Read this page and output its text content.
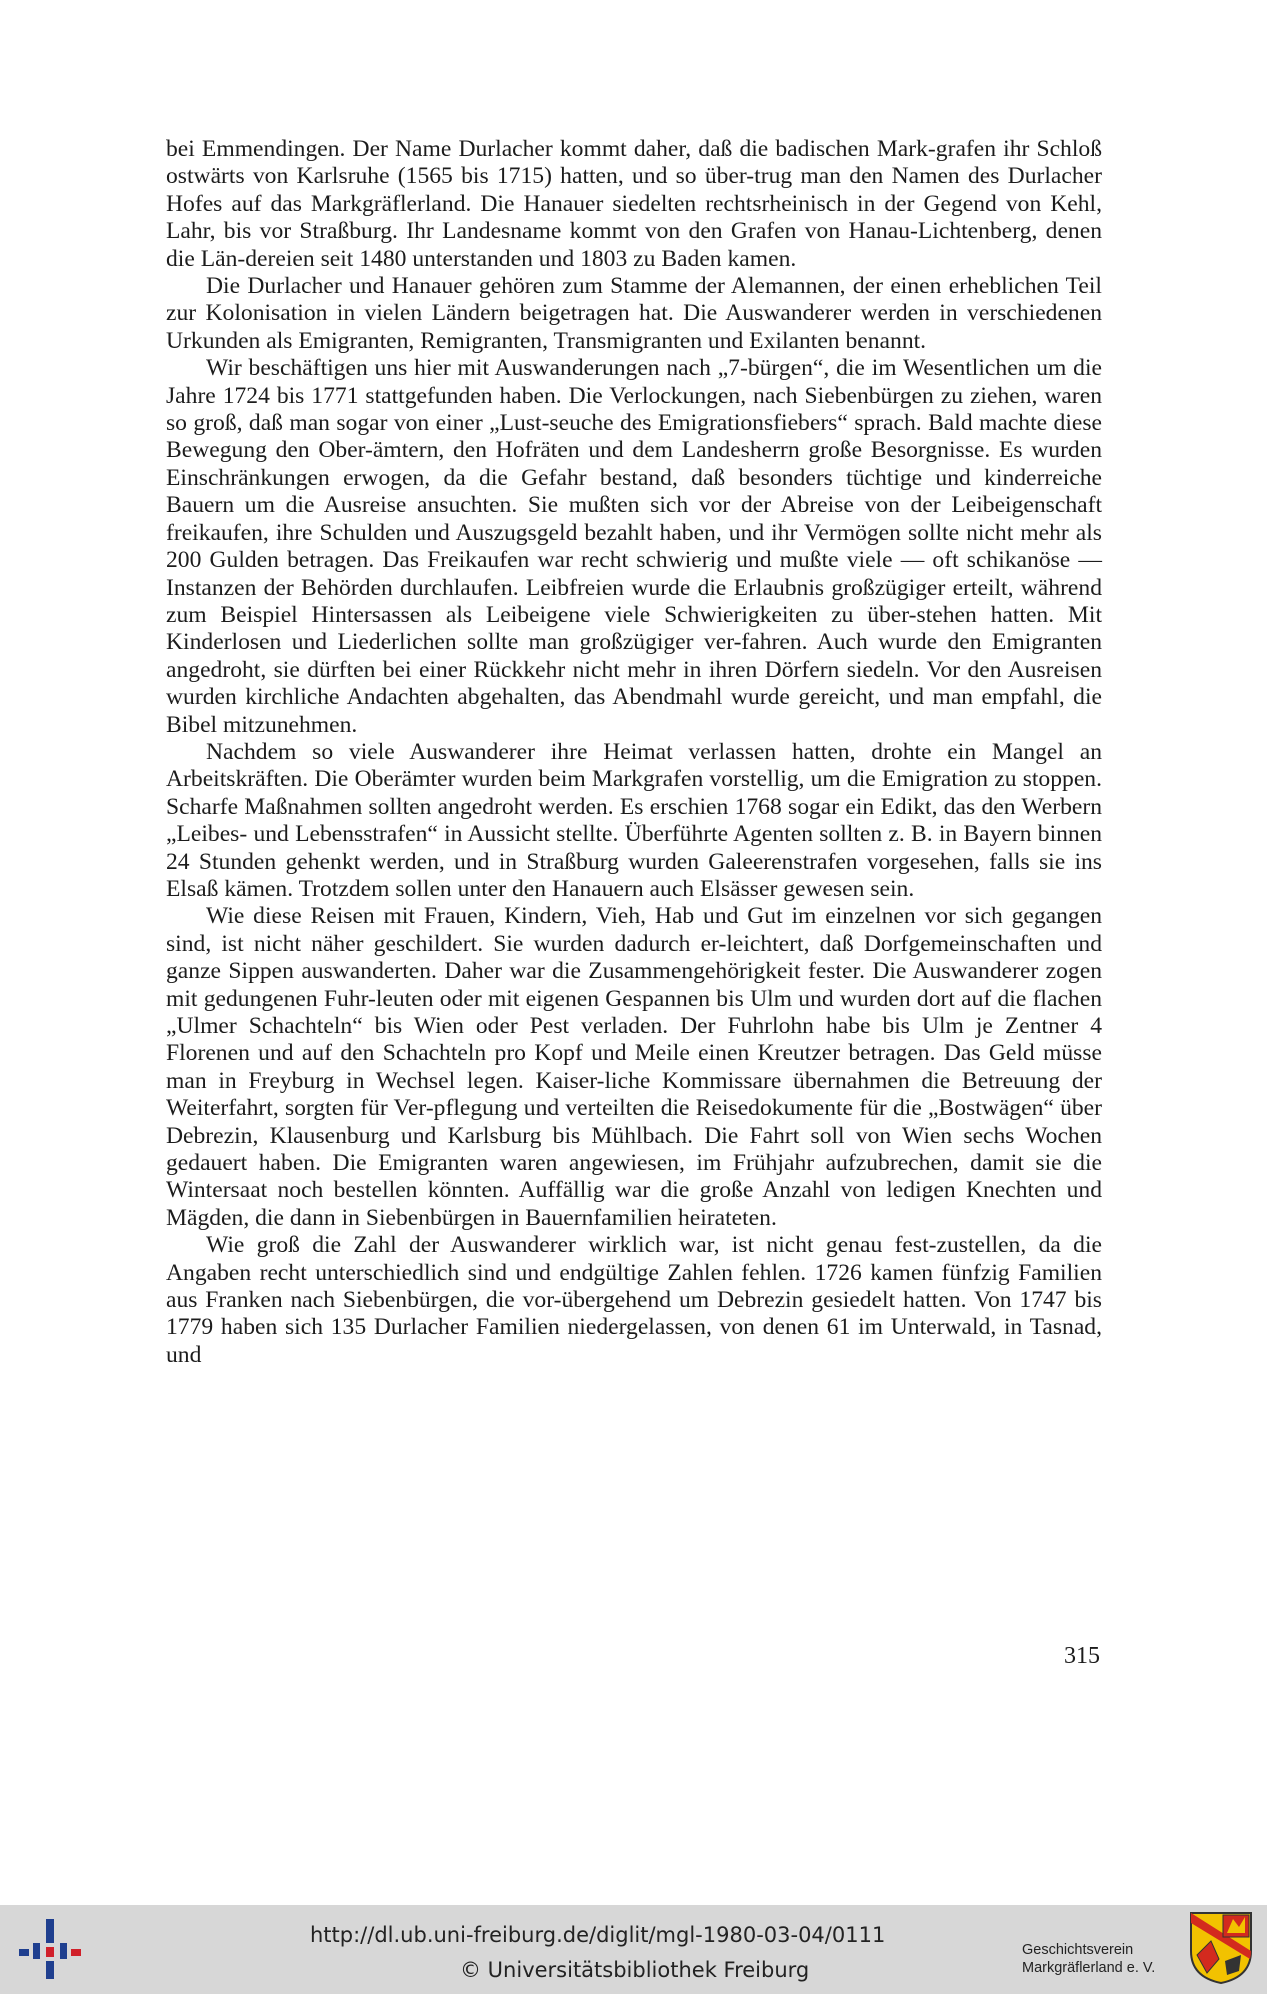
bei Emmendingen. Der Name Durlacher kommt daher, daß die badischen Mark-grafen ihr Schloß ostwärts von Karlsruhe (1565 bis 1715) hatten, und so über-trug man den Namen des Durlacher Hofes auf das Markgräflerland. Die Hanauer siedelten rechtsrheinisch in der Gegend von Kehl, Lahr, bis vor Straßburg. Ihr Landesname kommt von den Grafen von Hanau-Lichtenberg, denen die Län-dereien seit 1480 unterstanden und 1803 zu Baden kamen.

Die Durlacher und Hanauer gehören zum Stamme der Alemannen, der einen erheblichen Teil zur Kolonisation in vielen Ländern beigetragen hat. Die Auswanderer werden in verschiedenen Urkunden als Emigranten, Remigranten, Transmigranten und Exilanten benannt.

Wir beschäftigen uns hier mit Auswanderungen nach „7-bürgen“, die im Wesentlichen um die Jahre 1724 bis 1771 stattgefunden haben. Die Verlockungen, nach Siebenbürgen zu ziehen, waren so groß, daß man sogar von einer „Lust-seuche des Emigrationsfiebers“ sprach. Bald machte diese Bewegung den Ober-ämtern, den Hofräten und dem Landesherrn große Besorgnisse. Es wurden Einschränkungen erwogen, da die Gefahr bestand, daß besonders tüchtige und kinderreiche Bauern um die Ausreise ansuchten. Sie mußten sich vor der Abreise von der Leibeigenschaft freikaufen, ihre Schulden und Auszugsgeld bezahlt haben, und ihr Vermögen sollte nicht mehr als 200 Gulden betragen. Das Freikaufen war recht schwierig und mußte viele — oft schikanöse — Instanzen der Behörden durchlaufen. Leibfreien wurde die Erlaubnis großzügiger erteilt, während zum Beispiel Hintersassen als Leibeigene viele Schwierigkeiten zu über-stehen hatten. Mit Kinderlosen und Liederlichen sollte man großzügiger ver-fahren. Auch wurde den Emigranten angedroht, sie dürften bei einer Rückkehr nicht mehr in ihren Dörfern siedeln. Vor den Ausreisen wurden kirchliche Andachten abgehalten, das Abendmahl wurde gereicht, und man empfahl, die Bibel mitzunehmen.

Nachdem so viele Auswanderer ihre Heimat verlassen hatten, drohte ein Mangel an Arbeitskräften. Die Oberämter wurden beim Markgrafen vorstellig, um die Emigration zu stoppen. Scharfe Maßnahmen sollten angedroht werden. Es erschien 1768 sogar ein Edikt, das den Werbern „Leibes- und Lebensstrafen“ in Aussicht stellte. Überführte Agenten sollten z. B. in Bayern binnen 24 Stunden gehenkt werden, und in Straßburg wurden Galeerenstrafen vorgesehen, falls sie ins Elsaß kämen. Trotzdem sollen unter den Hanauern auch Elsässer gewesen sein.

Wie diese Reisen mit Frauen, Kindern, Vieh, Hab und Gut im einzelnen vor sich gegangen sind, ist nicht näher geschildert. Sie wurden dadurch er-leichtert, daß Dorfgemeinschaften und ganze Sippen auswanderten. Daher war die Zusammengehörigkeit fester. Die Auswanderer zogen mit gedungenen Fuhr-leuten oder mit eigenen Gespannen bis Ulm und wurden dort auf die flachen „Ulmer Schachteln“ bis Wien oder Pest verladen. Der Fuhrlohn habe bis Ulm je Zentner 4 Florenen und auf den Schachteln pro Kopf und Meile einen Kreutzer betragen. Das Geld müsse man in Freyburg in Wechsel legen. Kaiser-liche Kommissare übernahmen die Betreuung der Weiterfahrt, sorgten für Ver-pflegung und verteilten die Reisedokumente für die „Bostwägen“ über Debrezin, Klausenburg und Karlsburg bis Mühlbach. Die Fahrt soll von Wien sechs Wochen gedauert haben. Die Emigranten waren angewiesen, im Frühjahr aufzubrechen, damit sie die Wintersaat noch bestellen könnten. Auffällig war die große Anzahl von ledigen Knechten und Mägden, die dann in Siebenbürgen in Bauernfamilien heirateten.

Wie groß die Zahl der Auswanderer wirklich war, ist nicht genau fest-zustellen, da die Angaben recht unterschiedlich sind und endgültige Zahlen fehlen. 1726 kamen fünfzig Familien aus Franken nach Siebenbürgen, die vor-übergehend um Debrezin gesiedelt hatten. Von 1747 bis 1779 haben sich 135 Durlacher Familien niedergelassen, von denen 61 im Unterwald, in Tasnad, und

315
http://dl.ub.uni-freiburg.de/diglit/mgl-1980-03-04/0111
© Universitätsbibliothek Freiburg
Geschichtsverein
Markgräflerland e. V.
